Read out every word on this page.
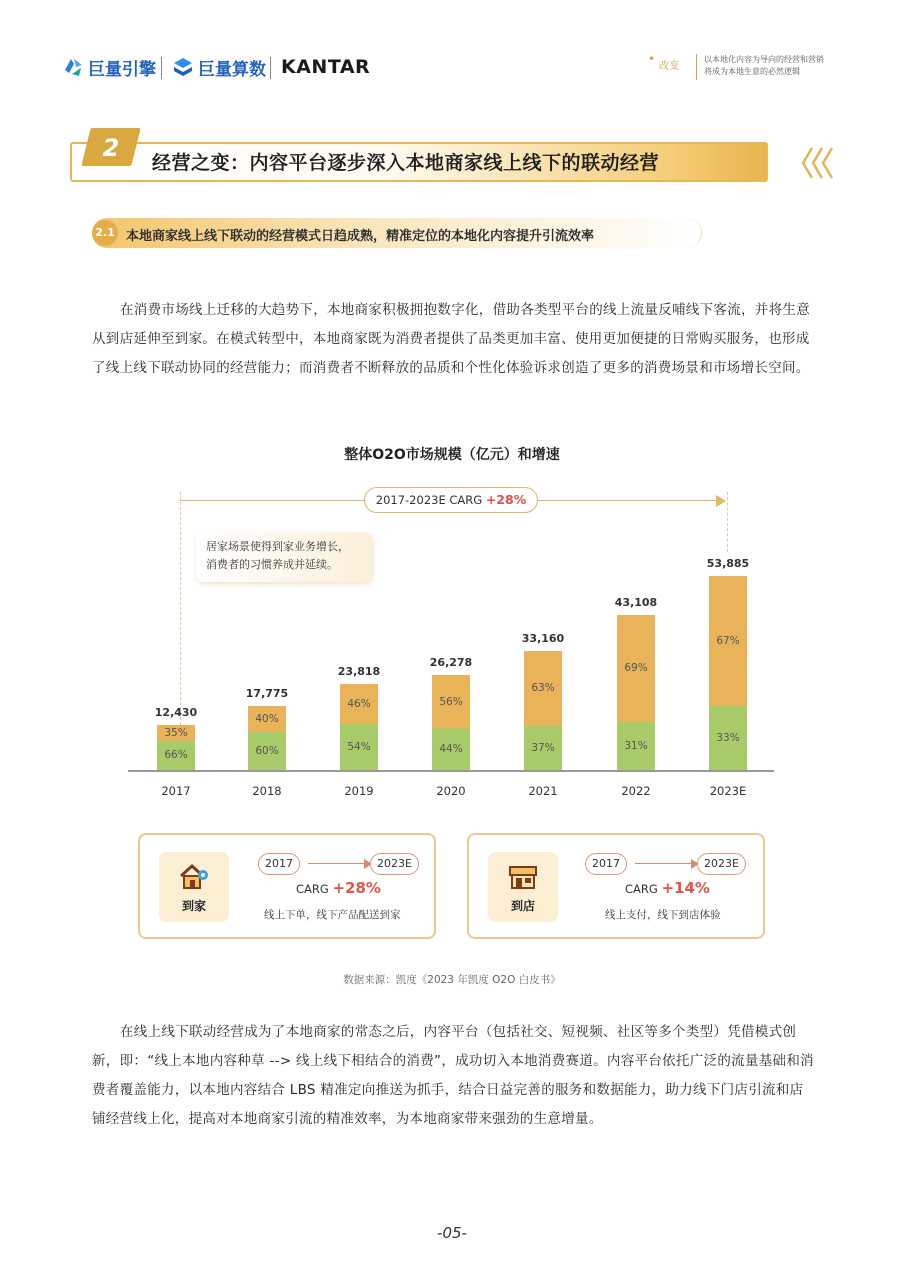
巨量引擎 巨量算数 KANTAR
•	改变
以本地化内容为导向的经营和营销
将成为本地生意的必然逻辑
2
经营之变：内容平台逐步深入本地商家线上线下的联动经营
2.1 本地商家线上线下联动的经营模式日趋成熟，精准定位的本地化内容提升引流效率

在消费市场线上迁移的大趋势下，本地商家积极拥抱数字化，借助各类型平台的线上流量反哺线下客流，并将生意从到店延伸至到家。在模式转型中，本地商家既为消费者提供了品类更加丰富、使用更加便捷的日常购买服务，也形成了线上线下联动协同的经营能力；而消费者不断释放的品质和个性化体验诉求创造了更多的消费场景和市场增长空间。

整体O2O市场规模（亿元）和增速
2017-2023E CARG +28%
居家场景使得到家业务增长，
消费者的习惯养成并延续。
35%
66%
12,430
2017
40%
60%
17,775
2018
46%
54%
23,818
2019
56%
44%
26,278
2020
63%
37%
33,160
2021
69%
31%
43,108
2022
67%
33%
53,885
2023E
到家
2017	2023E
CARG +28%
线上下单，线下产品配送到家
到店
2017	2023E
CARG +14%
线上支付，线下到店体验
数据来源：凯度《2023 年凯度 O2O 白皮书》

在线上线下联动经营成为了本地商家的常态之后，内容平台（包括社交、短视频、社区等多个类型）凭借模式创新，即：“线上本地内容种草 --> 线上线下相结合的消费”，成功切入本地消费赛道。内容平台依托广泛的流量基础和消费者覆盖能力，以本地内容结合 LBS 精准定向推送为抓手，结合日益完善的服务和数据能力，助力线下门店引流和店铺经营线上化，提高对本地商家引流的精准效率，为本地商家带来强劲的生意增量。

-05-
